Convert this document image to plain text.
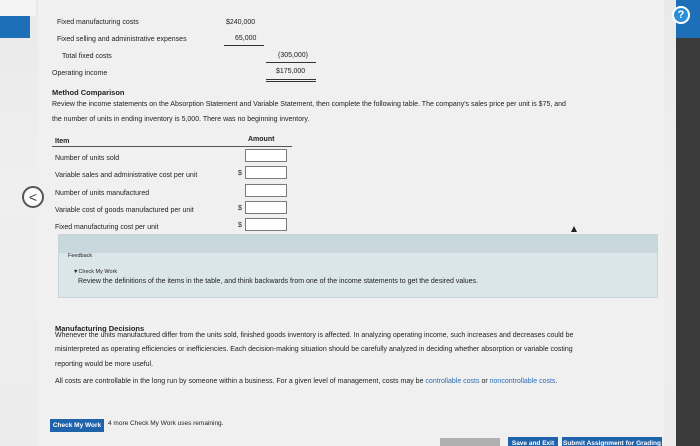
Fixed manufacturing costs	$240,000
Fixed selling and administrative expenses	65,000
Total fixed costs	(305,000)
Operating income	$175,000
Method Comparison
Review the income statements on the Absorption Statement and Variable Statement, then complete the following table. The company's sales price per unit is $75, and
the number of units in ending inventory is 5,000. There was no beginning inventory.
Item	Amount
Number of units sold
Variable sales and administrative cost per unit	$
Number of units manufactured
Variable cost of goods manufactured per unit	$
Fixed manufacturing cost per unit	$
Feedback
▼Check My Work
Review the definitions of the items in the table, and think backwards from one of the income statements to get the desired values.
Manufacturing Decisions
Whenever the units manufactured differ from the units sold, finished goods inventory is affected. In analyzing operating income, such increases and decreases could be
misinterpreted as operating efficiencies or inefficiencies. Each decision-making situation should be carefully analyzed in deciding whether absorption or variable costing
reporting would be more useful.
All costs are controllable in the long run by someone within a business. For a given level of management, costs may be controllable costs or noncontrollable costs.
Check My Work	4 more Check My Work uses remaining.
Save and Exit	Submit Assignment for Grading
?
<
